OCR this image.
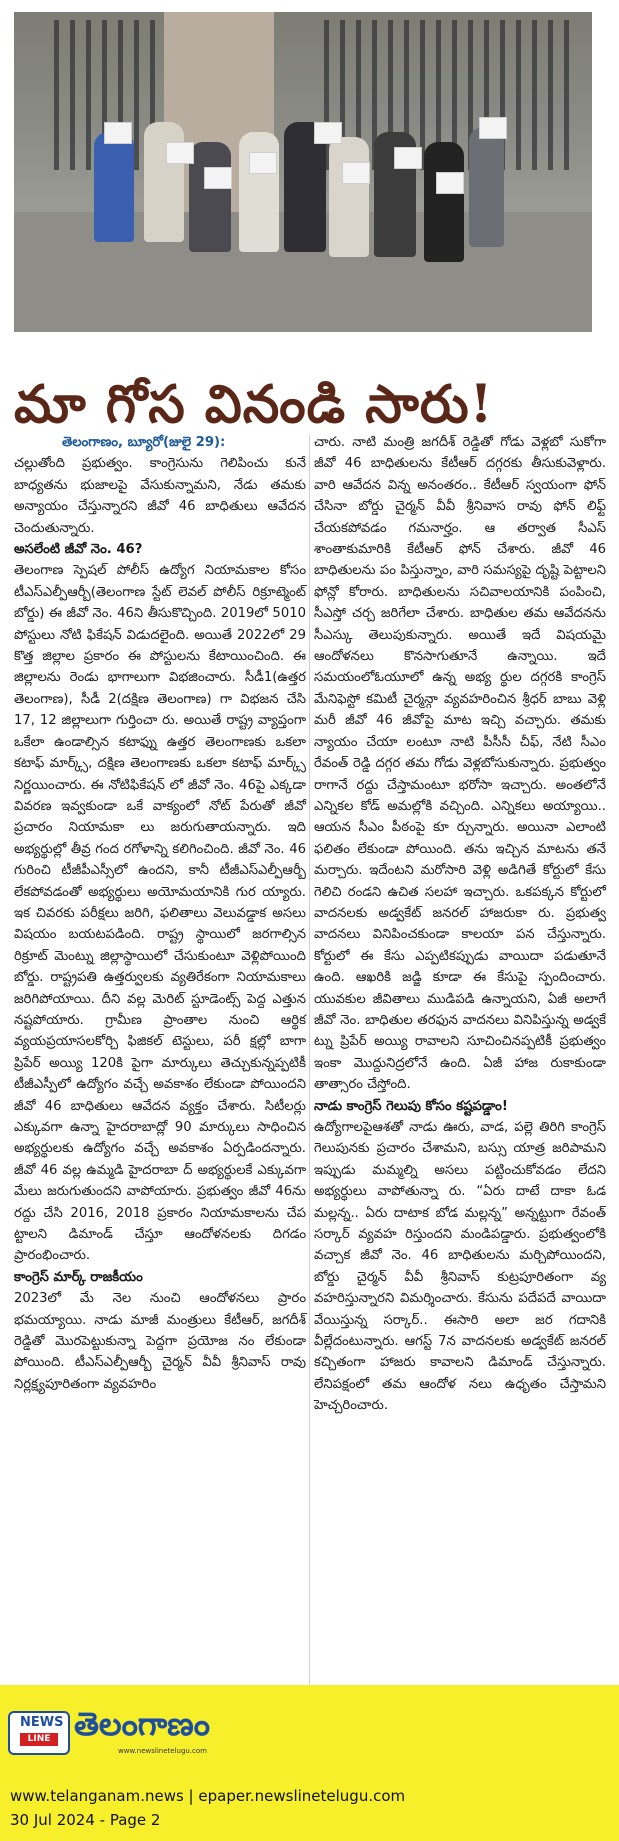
మా గోస వినండి సారు!

తెలంగాణం, బ్యూరో(జులై 29):

చల్లుతోంది ప్రభుత్వం. కాంగ్రెసును గెలిపించు కునే బాధ్యతను భుజాలపై వేసుకున్నామని, నేడు తమకు అన్యాయం చేస్తున్నారని జీవో 46 బాధితులు ఆవేదన చెందుతున్నారు.

అసలేంటి జీవో నెం. 46?

తెలంగాణ స్పెషల్ పోలీస్ ఉద్యోగ నియామకాల కోసం టీఎస్ఎల్పీఆర్బీ(తెలంగాణ స్టేట్ లెవల్ పోలీస్ రిక్రూట్మెంట్ బోర్డు) ఈ జీవో నెం. 46ని తీసుకొచ్చింది. 2019లో 5010 పోస్టులు నోటి ఫికేషన్ విడుదలైంది. అయితే 2022లో 29 కొత్త జిల్లాల ప్రకారం ఈ పోస్టులను కేటాయించింది. ఈ జిల్లాలను రెండు భాగాలుగా విభజించారు. సీడీ1(ఉత్తర తెలంగాణ), సీడీ 2(దక్షిణ తెలంగాణ) గా విభజన చేసి 17, 12 జిల్లాలుగా గుర్తించా రు. అయితే రాష్ట్ర వ్యాప్తంగా ఒకేలా ఉండాల్సిన కటాఫ్ను ఉత్తర తెలంగాణకు ఒకలా కటాఫ్ మార్క్స్, దక్షిణ తెలంగాణకు ఒకలా కటాఫ్ మార్క్స్ నిర్ణయించారు. ఈ నోటిఫికేషన్ లో జీవో నెం. 46పై ఎక్కడా వివరణ ఇవ్వకుండా ఒకే వాక్యంలో నోట్ పేరుతో జీవో ప్రచారం నియామకా లు జరుగుతాయన్నారు. ఇది అభ్యర్థుల్లో తీవ్ర గంద రగోళాన్ని కలిగించింది. జీవో నెం. 46 గురించి టీజీపీఎస్సీలో ఉందని, కానీ టీజీఎస్ఎల్పీఆర్బీ లేకపోవడంతో అభ్యర్థులు అయోమయానికి గుర య్యారు. ఇక చివరకు పరీక్షలు జరిగి, ఫలితాలు వెలువడ్డాక అసలు విషయం బయటపడింది. రాష్ట్ర స్థాయిలో జరగాల్సిన రిక్రూట్ మెంట్ను జిల్లాస్థాయిలో చేసుకుంటూ వెళ్లిపోయింది బోర్డు. రాష్ట్రపతి ఉత్తర్వులకు వ్యతిరేకంగా నియామకాలు జరిగిపోయాయి. దీని వల్ల మెరిట్ స్టూడెంట్స్ పెద్ద ఎత్తున నష్టపోయారు. గ్రామీణ ప్రాంతాల నుంచి ఆర్థిక వ్యయప్రయాసలకోర్చి ఫిజికల్ టెస్టులు, పరీ క్షల్లో బాగా ప్రిపేర్ అయ్యి 120కి పైగా మార్కులు తెచ్చుకున్నప్పటికీ టీజీఎస్పీలో ఉద్యోగం వచ్చే అవకాశం లేకుండా పోయిందని జీవో 46 బాధితులు ఆవేదన వ్యక్తం చేశారు. సిటీలర్లు ఎక్కువగా ఉన్నా హైదరాబాద్లో 90 మార్కులు సాధించిన అభ్యర్థులకు ఉద్యోగం వచ్చే అవకాశం ఏర్పడిందన్నారు. జీవో 46 వల్ల ఉమ్మడి హైదరాబా ద్ అభ్యర్థులకే ఎక్కువగా మేలు జరుగుతుందని వాపోయారు. ప్రభుత్వం జీవో 46ను రద్దు చేసి 2016, 2018 ప్రకారం నియామకాలను చేప ట్టాలని డిమాండ్ చేస్తూ ఆందోళనలకు దిగడం ప్రారంభించారు.

కాంగ్రెస్ మార్క్ రాజకీయం

2023లో మే నెల నుంచి ఆందోళనలు ప్రారం భమయ్యాయి. నాడు మాజీ మంత్రులు కేటీఆర్, జగదీశ్ రెడ్డితో మొరపెట్టుకున్నా పెద్దగా ప్రయోజ నం లేకుండా పోయింది. టీఎస్ఎల్పీఆర్బీ చైర్మన్ వీవీ శ్రీనివాస్ రావు నిర్లక్ష్యపూరితంగా వ్యవహరిం

చారు. నాటి మంత్రి జగదీశ్ రెడ్డితో గోడు వెళ్లబో సుకోగా జీవో 46 బాధితులను కేటీఆర్ దగ్గరకు తీసుకువెళ్లారు. వారి ఆవేదన విన్న అనంతరం.. కేటీఆర్ స్వయంగా ఫోన్ చేసినా బోర్డు చైర్మన్ వీవీ శ్రీనివాస రావు ఫోన్ లిఫ్ట్ చేయకపోవడం గమనార్హం. ఆ తర్వాత సీఎస్ శాంతాకుమారికి కేటీఆర్ ఫోన్ చేశారు. జీవో 46 బాధితులను పం పిస్తున్నాం, వారి సమస్యపై దృష్టి పెట్టాలని ఫోన్లో కోరారు. బాధితులను సచివాలయానికి పంపించి, సీఎస్తో చర్చ జరిగేలా చేశారు. బాధితుల తమ ఆవేదనను సీఎస్కు తెలుపుకున్నారు. అయితే ఇదే విషయమై ఆందోళనలు కొనసాగుతూనే ఉన్నాయి. ఇదే సమయంలోఓయూలో ఉన్న అభ్య ర్థుల దగ్గరకి కాంగ్రెస్ మేనిఫెస్టో కమిటీ చైర్మన్గా వ్యవహరించిన శ్రీధర్ బాబు వెళ్లి మరీ జీవో 46 జీవోపై మాట ఇచ్చి వచ్చారు. తమకు న్యాయం చేయా లంటూ నాటి పీసీసీ చీఫ్, నేటి సీఎం రేవంత్ రెడ్డి దగ్గర తమ గోడు వెళ్లబోసుకున్నారు. ప్రభుత్వం రాగానే రద్దు చేస్తామంటూ భరోసా ఇచ్చారు. అంతలోనే ఎన్నికల కోడ్ అమల్లోకి వచ్చింది. ఎన్నికలు అయ్యాయి.. ఆయన సీఎం పీఠంపై కూ ర్చున్నారు. అయినా ఎలాంటి ఫలితం లేకుండా పోయింది. తను ఇచ్చిన మాటను తనే మర్చారు. ఇదేంటని మరోసారి వెళ్లి అడిగితే కోర్టులో కేసు గెలిచి రండని ఉచిత సలహా ఇచ్చారు. ఒకపక్కన కోర్టులో వాదనలకు అడ్వకేట్ జనరల్ హాజరుకా రు. ప్రభుత్వ వాదనలు వినిపించకుండా కాలయా పన చేస్తున్నారు. కోర్టులో ఈ కేసు ఎప్పటికప్పుడు వాయిదా పడుతూనే ఉంది. ఆఖరికి జడ్జి కూడా ఈ కేసుపై స్పందించారు. యువకుల జీవితాలు ముడిపడి ఉన్నాయని, ఏజీ అలాగే జీవో నెం. బాధితుల తరఫున వాదనలు వినిపిస్తున్న అడ్వకే ట్ను ప్రిపేర్ అయ్యి రావాలని సూచించినప్పటికీ ప్రభుత్వం ఇంకా మొద్దునిద్రలోనే ఉంది. ఏజీ హాజ రుకాకుండా తాత్సారం చేస్తోంది.

నాడు కాంగ్రెస్ గెలుపు కోసం కష్టపడ్డాం!

ఉద్యోగాలపైఆశతో నాడు ఊరు, వాడ, పల్లె తిరిగి కాంగ్రెస్ గెలుపునకు ప్రచారం చేశామని, బస్సు యాత్ర జరిపామని ఇప్పుడు మమ్మల్ని అసలు పట్టించుకోవడం లేదని అభ్యర్థులు వాపోతున్నా రు. “ఏరు దాటే దాకా ఓడ మల్లన్న.. ఏరు దాటాక బోడ మల్లన్న” అన్నట్టుగా రేవంత్ సర్కార్ వ్యవహ రిస్తుందని మండిపడ్డారు. ప్రభుత్వంలోకి వచ్చాక జీవో నెం. 46 బాధితులను మర్చిపోయిందని, బోర్డు చైర్మన్ వీవీ శ్రీనివాస్ కుట్రపూరితంగా వ్య వహరిస్తున్నారని విమర్శించారు. కేసును పదేపదే వాయిదా వేయిస్తున్న సర్కార్.. ఈసారి అలా జర గదానికి వీల్లేదంటున్నారు. ఆగస్ట్ 7న వాదనలకు అడ్వకేట్ జనరల్ కచ్చితంగా హాజరు కావాలని డిమాండ్ చేస్తున్నారు. లేనిపక్షంలో తమ ఆందోళ నలు ఉధృతం చేస్తామని హెచ్చరించారు.

NEWS
LINE తెలంగాణం
www.newslinetelugu.com
www.telanganam.news | epaper.newslinetelugu.com
30 Jul 2024 - Page 2
